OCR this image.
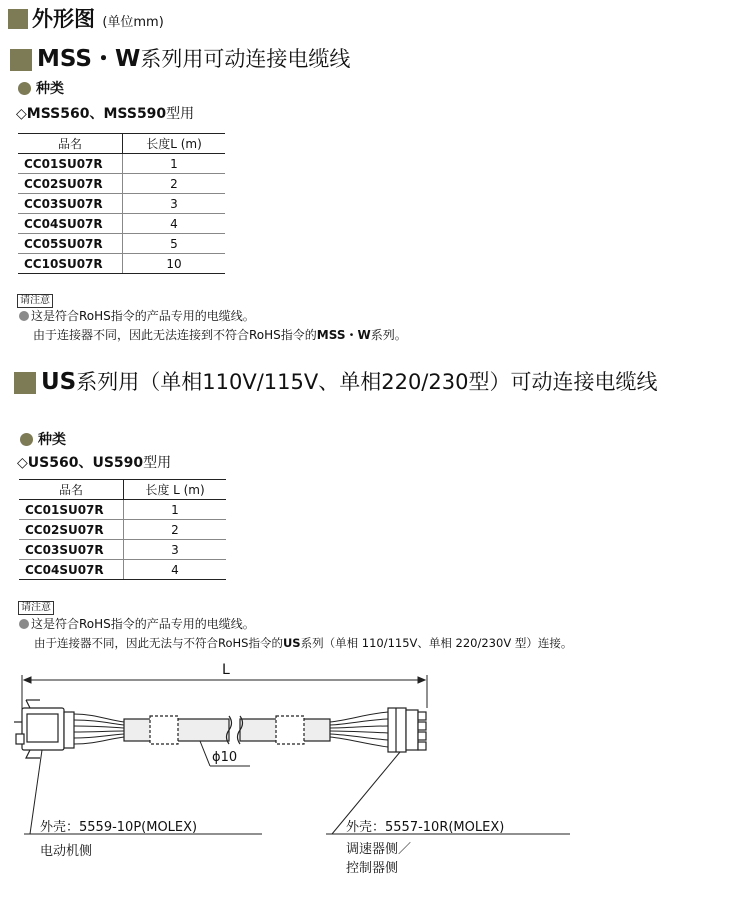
外形图 (单位mm)
MSS・W系列用可动连接电缆线
种类
◇MSS560、MSS590型用
品名	长度L (m)
CC01SU07R	1
CC02SU07R	2
CC03SU07R	3
CC04SU07R	4
CC05SU07R	5
CC10SU07R	10
请注意
这是符合RoHS指令的产品专用的电缆线。
由于连接器不同，因此无法连接到不符合RoHS指令的MSS・W系列。
US系列用（单相110V/115V、单相220/230型）可动连接电缆线
种类
◇US560、US590型用
品名	长度 L (m)
CC01SU07R	1
CC02SU07R	2
CC03SU07R	3
CC04SU07R	4
请注意
这是符合RoHS指令的产品专用的电缆线。
由于连接器不同，因此无法与不符合RoHS指令的US系列（单相 110/115V、单相 220/230V 型）连接。
L
ϕ10
外壳：5559-10P(MOLEX)
电动机侧
外壳：5557-10R(MOLEX)
调速器侧／
控制器侧
